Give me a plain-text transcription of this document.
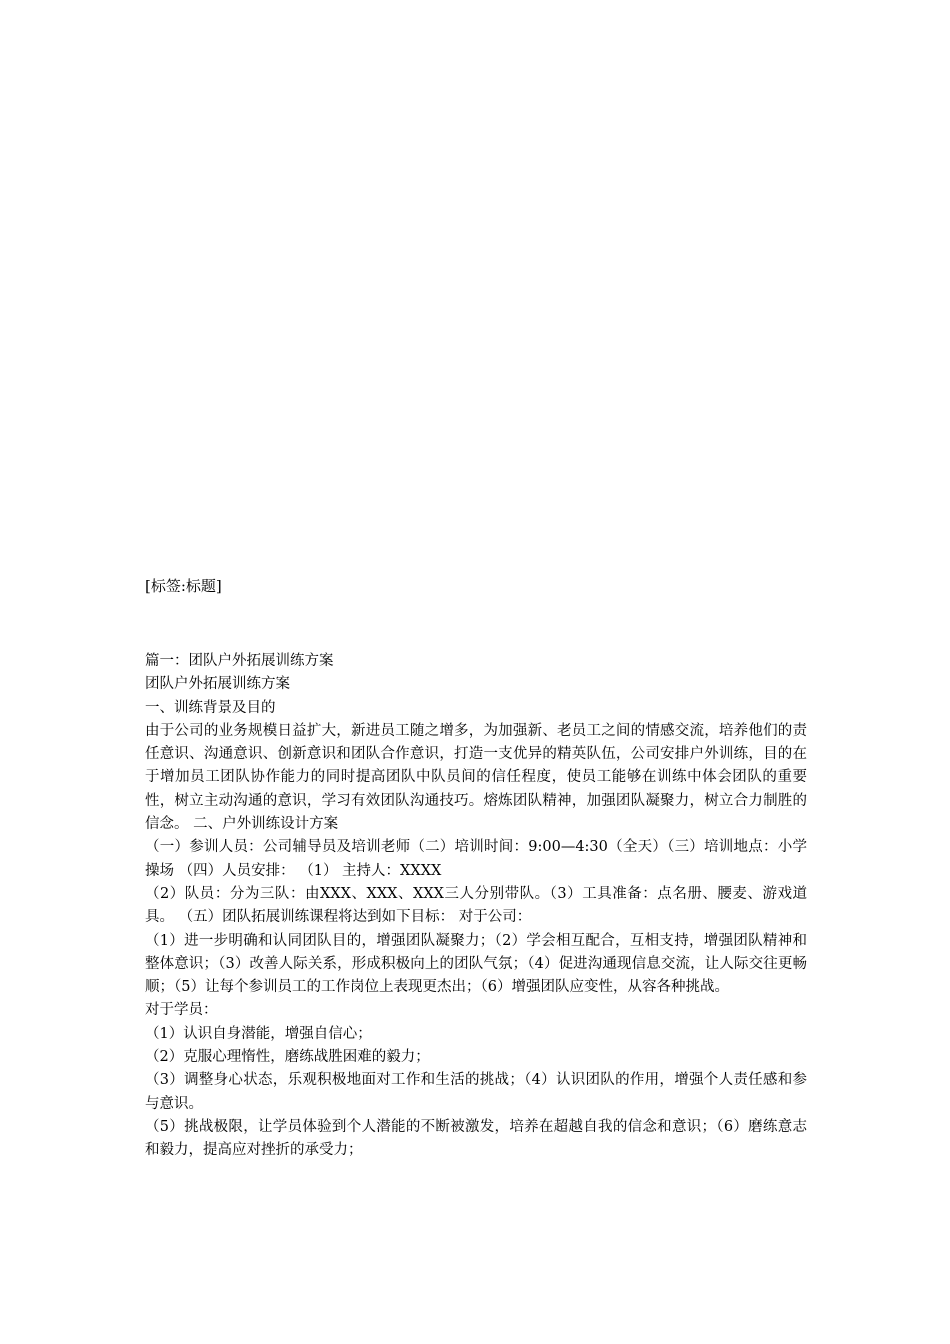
[标签:标题]

篇一：团队户外拓展训练方案

团队户外拓展训练方案

一、训练背景及目的

由于公司的业务规模日益扩大，新进员工随之增多，为加强新、老员工之间的情感交流，培养他们的责任意识、沟通意识、创新意识和团队合作意识，打造一支优异的精英队伍，公司安排户外训练，目的在于增加员工团队协作能力的同时提高团队中队员间的信任程度，使员工能够在训练中体会团队的重要性，树立主动沟通的意识，学习有效团队沟通技巧。熔炼团队精神，加强团队凝聚力，树立合力制胜的信念。 二、户外训练设计方案

（一）参训人员：公司辅导员及培训老师（二）培训时间：9:00—4:30（全天）（三）培训地点：小学操场 （四）人员安排： （1） 主持人：XXXX

（2）队员：分为三队：由XXX、XXX、XXX三人分别带队。（3）工具准备：点名册、腰麦、游戏道具。 （五）团队拓展训练课程将达到如下目标： 对于公司：

（1）进一步明确和认同团队目的，增强团队凝聚力；（2）学会相互配合，互相支持，增强团队精神和整体意识；（3）改善人际关系，形成积极向上的团队气氛；（4）促进沟通现信息交流，让人际交往更畅顺；（5）让每个参训员工的工作岗位上表现更杰出；（6）增强团队应变性，从容各种挑战。

对于学员：

（1）认识自身潜能，增强自信心；

（2）克服心理惰性，磨练战胜困难的毅力；

（3）调整身心状态，乐观积极地面对工作和生活的挑战；（4）认识团队的作用，增强个人责任感和参与意识。

（5）挑战极限，让学员体验到个人潜能的不断被激发，培养在超越自我的信念和意识；（6）磨练意志和毅力，提高应对挫折的承受力；
